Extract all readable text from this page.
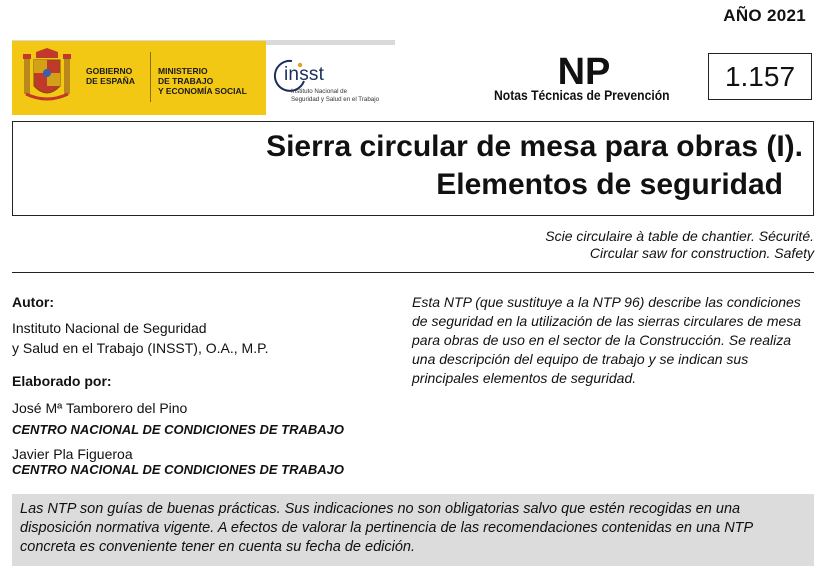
AÑO 2021
GOBIERNO
DE ESPAÑA
MINISTERIO
DE TRABAJO
Y ECONOMÍA SOCIAL
insst
Instituto Nacional de
Seguridad y Salud en el Trabajo
NP
Notas Técnicas de Prevención
1.157
Sierra circular de mesa para obras (I).
Elementos de seguridad
Scie circulaire à table de chantier. Sécurité.
Circular saw for construction. Safety
Autor:
Instituto Nacional de Seguridad
y Salud en el Trabajo (INSST), O.A., M.P.
Elaborado por:
José Mª Tamborero del Pino
CENTRO NACIONAL DE CONDICIONES DE TRABAJO
Javier Pla Figueroa
CENTRO NACIONAL DE CONDICIONES DE TRABAJO
Esta NTP (que sustituye a la NTP 96) describe las condiciones de seguridad en la utilización de las sierras circulares de mesa para obras de uso en el sector de la Construcción. Se realiza una descripción del equipo de trabajo y se indican sus principales elementos de seguridad.
Las NTP son guías de buenas prácticas. Sus indicaciones no son obligatorias salvo que estén recogidas en una disposición normativa vigente. A efectos de valorar la pertinencia de las recomendaciones contenidas en una NTP concreta es conveniente tener en cuenta su fecha de edición.
